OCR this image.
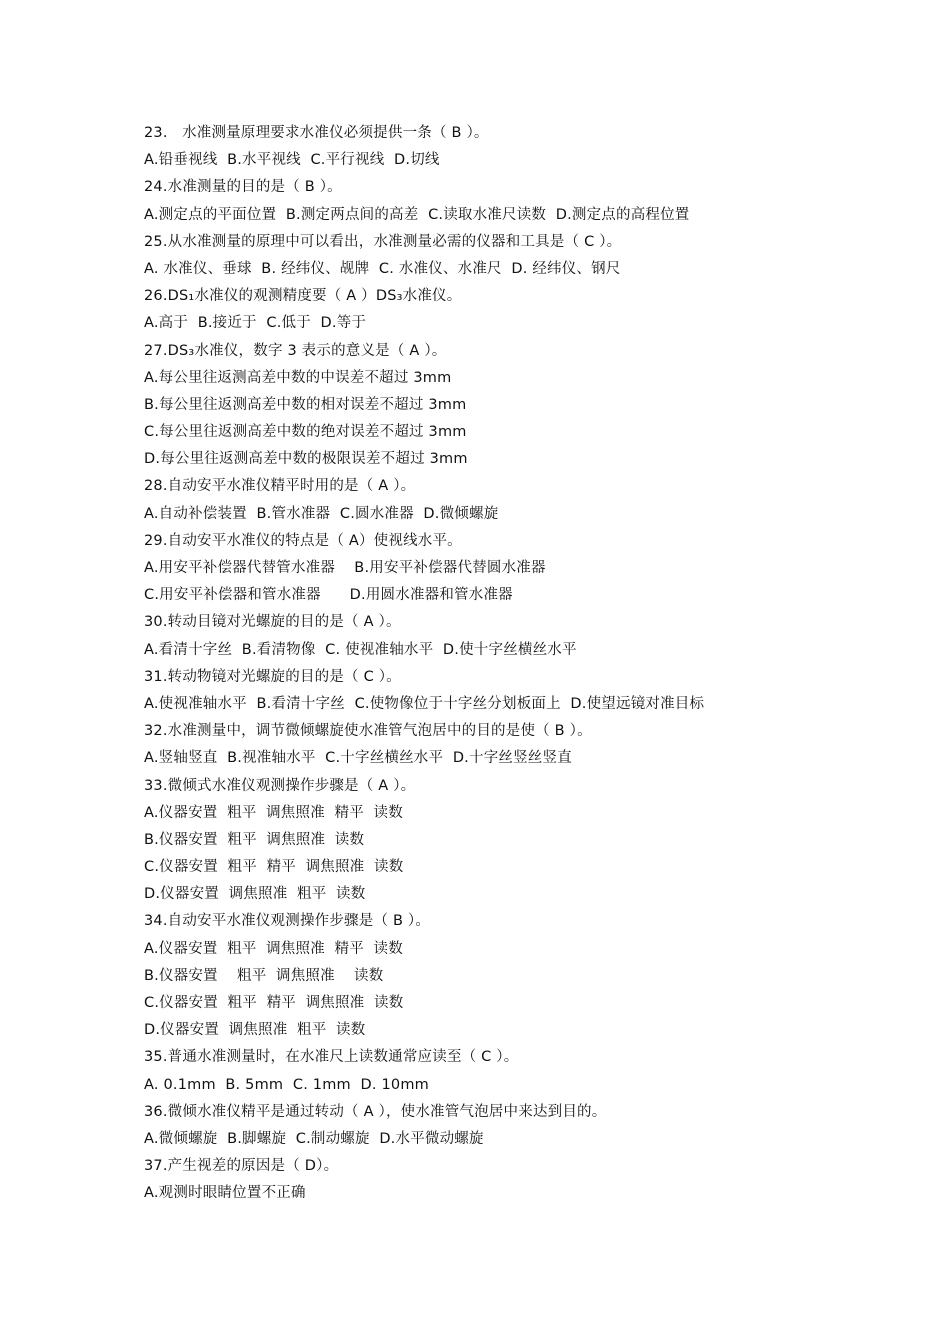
23.   水准测量原理要求水准仪必须提供一条（ B ）。
A.铅垂视线  B.水平视线  C.平行视线  D.切线
24.水准测量的目的是（ B ）。
A.测定点的平面位置  B.测定两点间的高差  C.读取水准尺读数  D.测定点的高程位置
25.从水准测量的原理中可以看出，水准测量必需的仪器和工具是（ C ）。
A. 水准仪、垂球  B. 经纬仪、觇牌  C. 水准仪、水准尺  D. 经纬仪、钢尺
26.DS₁水准仪的观测精度要（ A ）DS₃水准仪。
A.高于  B.接近于  C.低于  D.等于
27.DS₃水准仪，数字 3 表示的意义是（ A ）。
A.每公里往返测高差中数的中误差不超过 3mm
B.每公里往返测高差中数的相对误差不超过 3mm
C.每公里往返测高差中数的绝对误差不超过 3mm
D.每公里往返测高差中数的极限误差不超过 3mm
28.自动安平水准仪精平时用的是（ A ）。
A.自动补偿装置  B.管水准器  C.圆水准器  D.微倾螺旋
29.自动安平水准仪的特点是（ A）使视线水平。
A.用安平补偿器代替管水准器    B.用安平补偿器代替圆水准器
C.用安平补偿器和管水准器      D.用圆水准器和管水准器
30.转动目镜对光螺旋的目的是（ A ）。
A.看清十字丝  B.看清物像  C. 使视准轴水平  D.使十字丝横丝水平
31.转动物镜对光螺旋的目的是（ C ）。
A.使视准轴水平  B.看清十字丝  C.使物像位于十字丝分划板面上  D.使望远镜对准目标
32.水准测量中，调节微倾螺旋使水准管气泡居中的目的是使（ B ）。
A.竖轴竖直  B.视准轴水平  C.十字丝横丝水平  D.十字丝竖丝竖直
33.微倾式水准仪观测操作步骤是（ A ）。
A.仪器安置  粗平  调焦照准  精平  读数
B.仪器安置  粗平  调焦照准  读数
C.仪器安置  粗平  精平  调焦照准  读数
D.仪器安置  调焦照准  粗平  读数
34.自动安平水准仪观测操作步骤是（ B ）。
A.仪器安置  粗平  调焦照准  精平  读数
B.仪器安置    粗平  调焦照准    读数
C.仪器安置  粗平  精平  调焦照准  读数
D.仪器安置  调焦照准  粗平  读数
35.普通水准测量时，在水准尺上读数通常应读至（ C ）。
A. 0.1mm  B. 5mm  C. 1mm  D. 10mm
36.微倾水准仪精平是通过转动（ A ），使水准管气泡居中来达到目的。
A.微倾螺旋  B.脚螺旋  C.制动螺旋  D.水平微动螺旋
37.产生视差的原因是（ D）。
A.观测时眼睛位置不正确
